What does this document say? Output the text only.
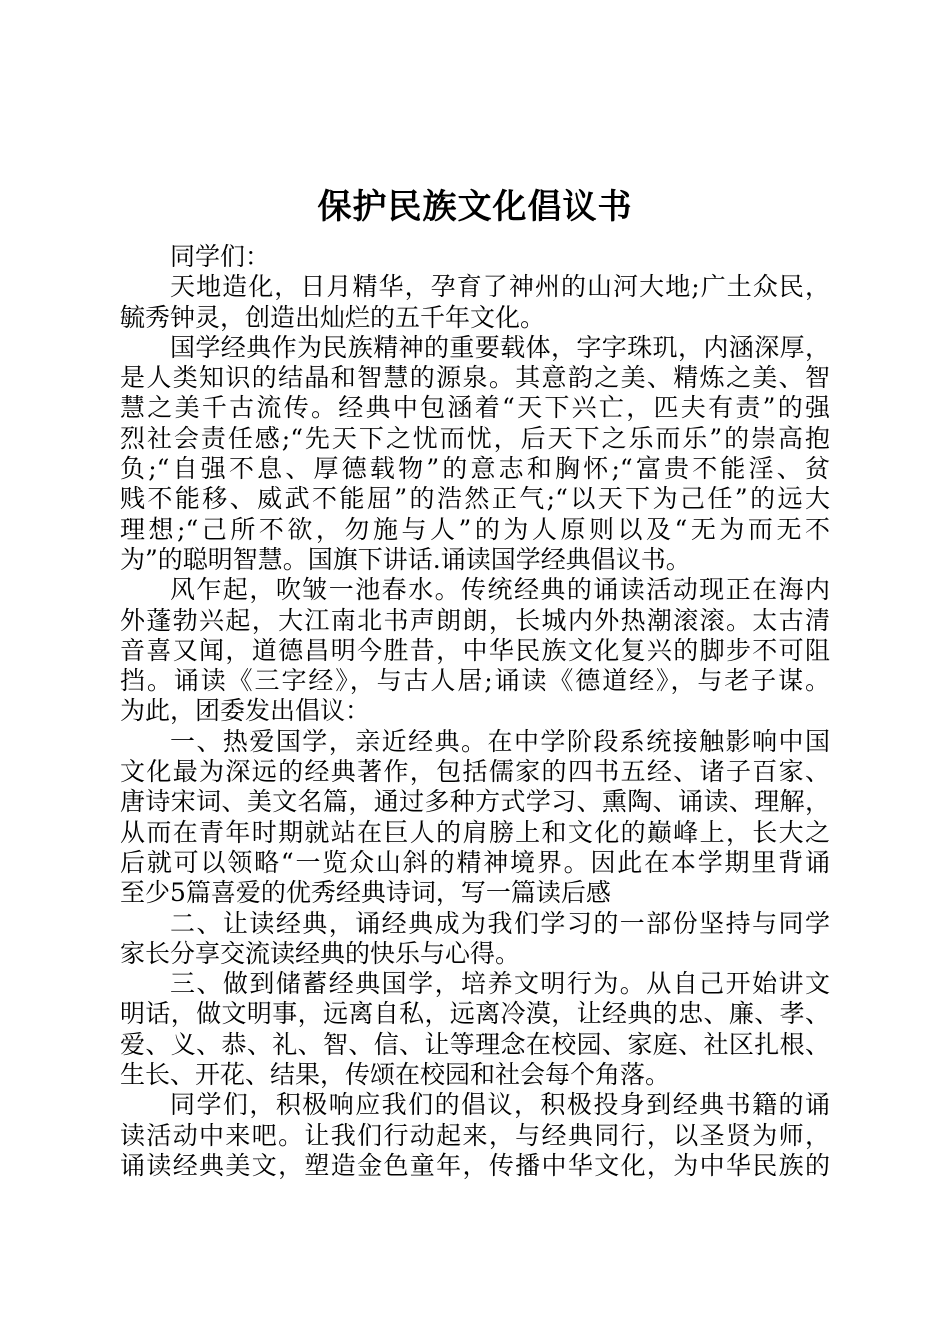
保护民族文化倡议书
同学们：
天地造化，日月精华，孕育了神州的山河大地;广土众民，
毓秀钟灵，创造出灿烂的五千年文化。
国学经典作为民族精神的重要载体，字字珠玑，内涵深厚，
是人类知识的结晶和智慧的源泉。其意韵之美、精炼之美、智
慧之美千古流传。经典中包涵着“天下兴亡，匹夫有责”的强
烈社会责任感;“先天下之忧而忧，后天下之乐而乐”的崇高抱
负;“自强不息、厚德载物”的意志和胸怀;“富贵不能淫、贫
贱不能移、威武不能屈”的浩然正气;“以天下为己任”的远大
理想;“己所不欲，勿施与人”的为人原则以及“无为而无不
为”的聪明智慧。国旗下讲话.诵读国学经典倡议书。
风乍起，吹皱一池春水。传统经典的诵读活动现正在海内
外蓬勃兴起，大江南北书声朗朗，长城内外热潮滚滚。太古清
音喜又闻，道德昌明今胜昔，中华民族文化复兴的脚步不可阻
挡。诵读《三字经》，与古人居;诵读《德道经》，与老子谋。
为此，团委发出倡议：
一、热爱国学，亲近经典。在中学阶段系统接触影响中国
文化最为深远的经典著作，包括儒家的四书五经、诸子百家、
唐诗宋词、美文名篇，通过多种方式学习、熏陶、诵读、理解，
从而在青年时期就站在巨人的肩膀上和文化的巅峰上，长大之
后就可以领略“一览众山斜的精神境界。因此在本学期里背诵
至少5篇喜爱的优秀经典诗词，写一篇读后感
二、让读经典，诵经典成为我们学习的一部份坚持与同学
家长分享交流读经典的快乐与心得。
三、做到储蓄经典国学，培养文明行为。从自己开始讲文
明话，做文明事，远离自私，远离冷漠，让经典的忠、廉、孝、
爱、义、恭、礼、智、信、让等理念在校园、家庭、社区扎根、
生长、开花、结果，传颂在校园和社会每个角落。
同学们，积极响应我们的倡议，积极投身到经典书籍的诵
读活动中来吧。让我们行动起来，与经典同行，以圣贤为师，
诵读经典美文，塑造金色童年，传播中华文化，为中华民族的
